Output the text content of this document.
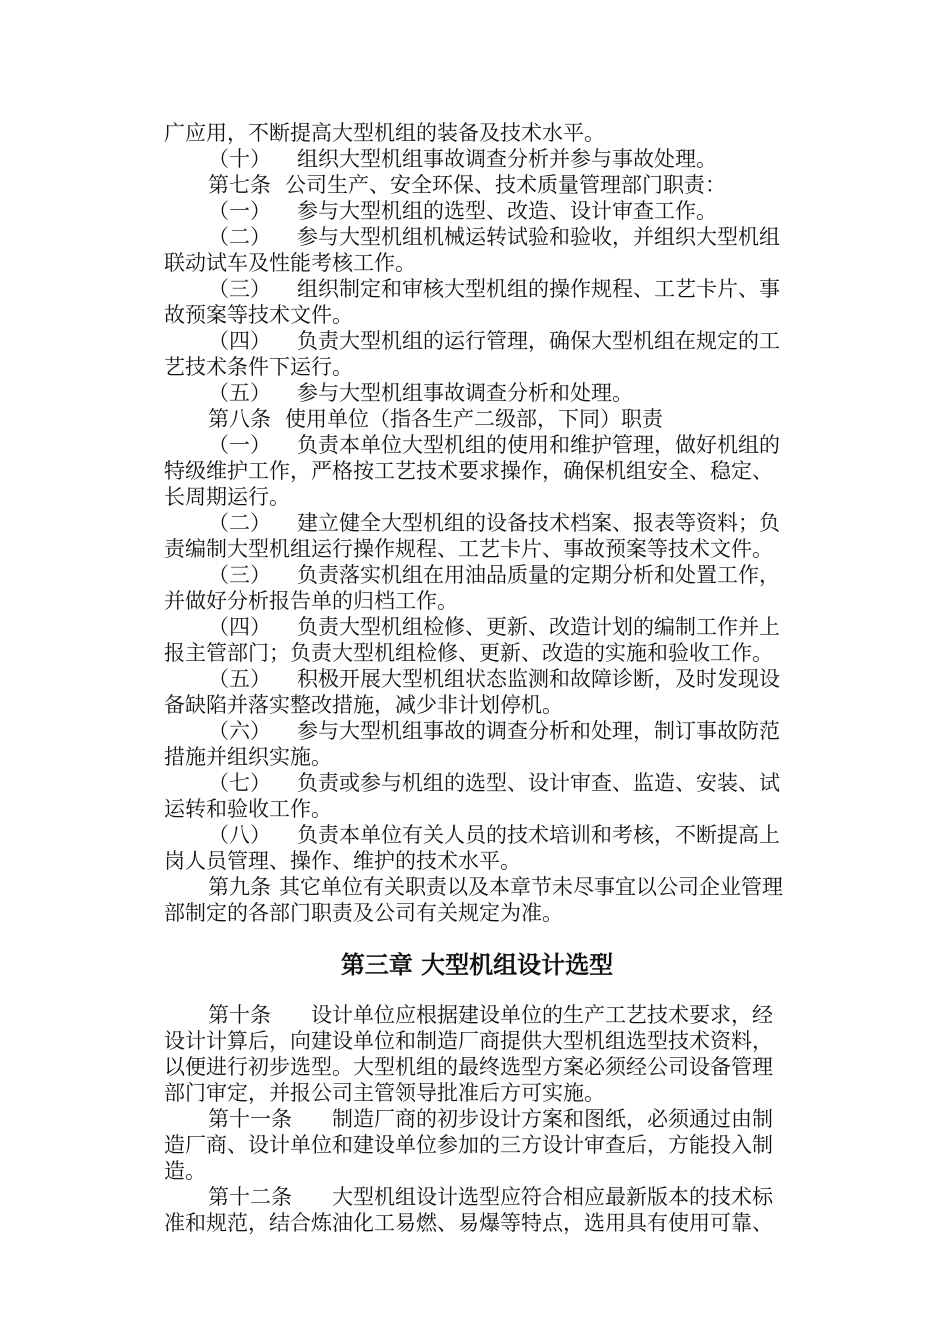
广应用，不断提高大型机组的装备及技术水平。

（十） 组织大型机组事故调查分析并参与事故处理。

第七条 公司生产、安全环保、技术质量管理部门职责：

（一） 参与大型机组的选型、改造、设计审查工作。

（二） 参与大型机组机械运转试验和验收，并组织大型机组联动试车及性能考核工作。

（三） 组织制定和审核大型机组的操作规程、工艺卡片、事故预案等技术文件。

（四） 负责大型机组的运行管理，确保大型机组在规定的工艺技术条件下运行。

（五） 参与大型机组事故调查分析和处理。

第八条 使用单位（指各生产二级部，下同）职责

（一） 负责本单位大型机组的使用和维护管理，做好机组的特级维护工作，严格按工艺技术要求操作，确保机组安全、稳定、长周期运行。

（二） 建立健全大型机组的设备技术档案、报表等资料；负责编制大型机组运行操作规程、工艺卡片、事故预案等技术文件。

（三） 负责落实机组在用油品质量的定期分析和处置工作，并做好分析报告单的归档工作。

（四） 负责大型机组检修、更新、改造计划的编制工作并上报主管部门；负责大型机组检修、更新、改造的实施和验收工作。

（五） 积极开展大型机组状态监测和故障诊断，及时发现设备缺陷并落实整改措施，减少非计划停机。

（六） 参与大型机组事故的调查分析和处理，制订事故防范措施并组织实施。

（七） 负责或参与机组的选型、设计审查、监造、安装、试运转和验收工作。

（八） 负责本单位有关人员的技术培训和考核，不断提高上岗人员管理、操作、维护的技术水平。

第九条 其它单位有关职责以及本章节未尽事宜以公司企业管理部制定的各部门职责及公司有关规定为准。

第三章 大型机组设计选型

第十条 设计单位应根据建设单位的生产工艺技术要求，经设计计算后，向建设单位和制造厂商提供大型机组选型技术资料，以便进行初步选型。大型机组的最终选型方案必须经公司设备管理部门审定，并报公司主管领导批准后方可实施。

第十一条 制造厂商的初步设计方案和图纸，必须通过由制造厂商、设计单位和建设单位参加的三方设计审查后，方能投入制造。

第十二条 大型机组设计选型应符合相应最新版本的技术标准和规范，结合炼油化工易燃、易爆等特点，选用具有使用可靠、
